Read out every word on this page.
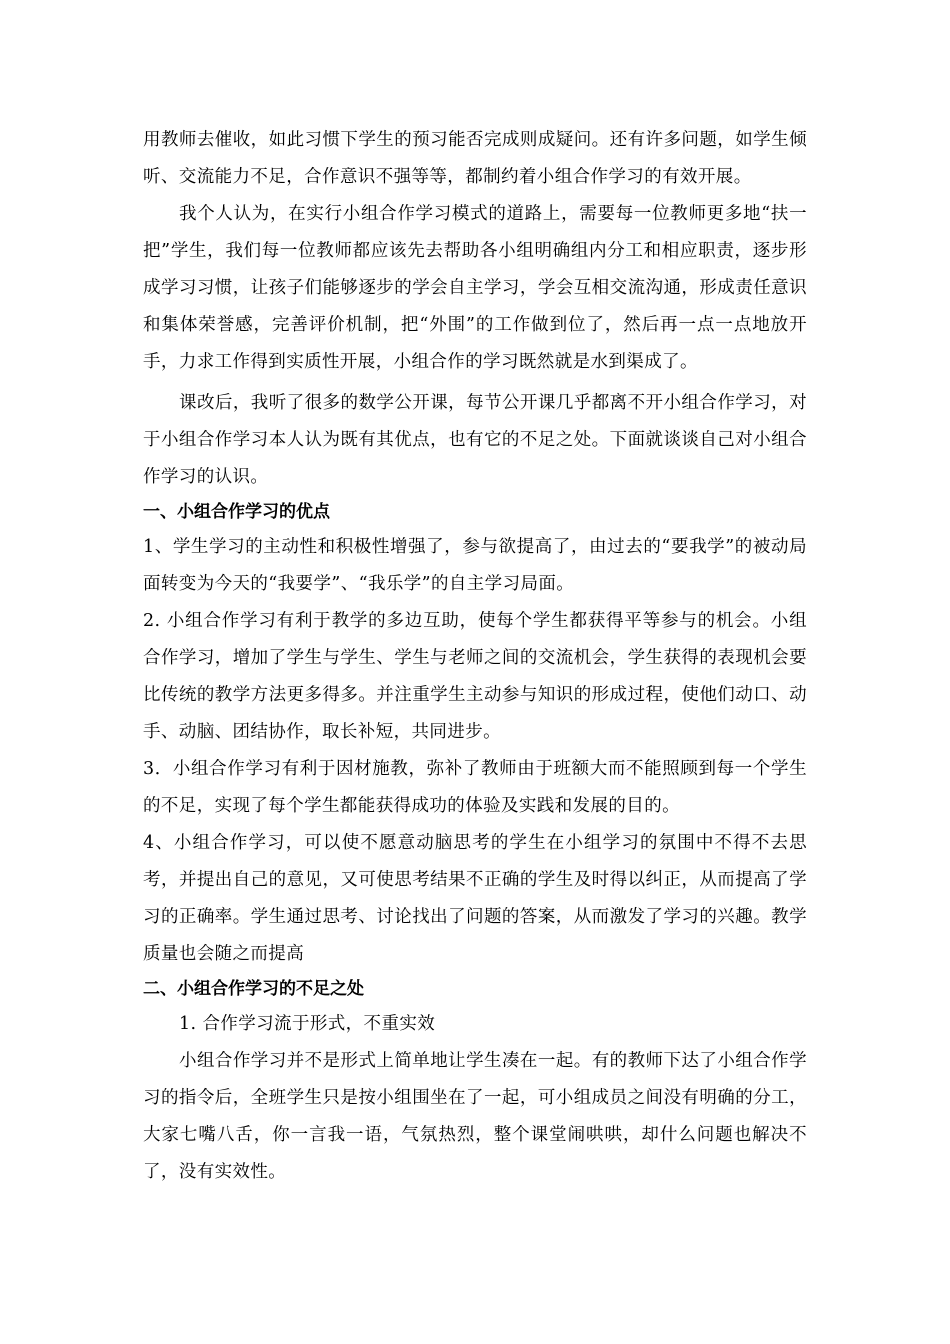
用教师去催收，如此习惯下学生的预习能否完成则成疑问。还有许多问题，如学生倾听、交流能力不足，合作意识不强等等，都制约着小组合作学习的有效开展。

我个人认为，在实行小组合作学习模式的道路上，需要每一位教师更多地“扶一把”学生，我们每一位教师都应该先去帮助各小组明确组内分工和相应职责，逐步形成学习习惯，让孩子们能够逐步的学会自主学习，学会互相交流沟通，形成责任意识和集体荣誉感，完善评价机制，把“外围”的工作做到位了，然后再一点一点地放开手，力求工作得到实质性开展，小组合作的学习既然就是水到渠成了。

课改后，我听了很多的数学公开课，每节公开课几乎都离不开小组合作学习，对于小组合作学习本人认为既有其优点，也有它的不足之处。下面就谈谈自己对小组合作学习的认识。

一、小组合作学习的优点

1、学生学习的主动性和积极性增强了，参与欲提高了，由过去的“要我学”的被动局面转变为今天的“我要学”、“我乐学”的自主学习局面。

2. 小组合作学习有利于教学的多边互助，使每个学生都获得平等参与的机会。小组合作学习，增加了学生与学生、学生与老师之间的交流机会，学生获得的表现机会要比传统的教学方法更多得多。并注重学生主动参与知识的形成过程，使他们动口、动手、动脑、团结协作，取长补短，共同进步。

3．小组合作学习有利于因材施教，弥补了教师由于班额大而不能照顾到每一个学生的不足，实现了每个学生都能获得成功的体验及实践和发展的目的。

4、小组合作学习，可以使不愿意动脑思考的学生在小组学习的氛围中不得不去思考，并提出自己的意见，又可使思考结果不正确的学生及时得以纠正，从而提高了学习的正确率。学生通过思考、讨论找出了问题的答案，从而激发了学习的兴趣。教学质量也会随之而提高

二、小组合作学习的不足之处

1. 合作学习流于形式，不重实效

小组合作学习并不是形式上简单地让学生凑在一起。有的教师下达了小组合作学习的指令后，全班学生只是按小组围坐在了一起，可小组成员之间没有明确的分工，大家七嘴八舌，你一言我一语，气氛热烈，整个课堂闹哄哄，却什么问题也解决不了，没有实效性。
